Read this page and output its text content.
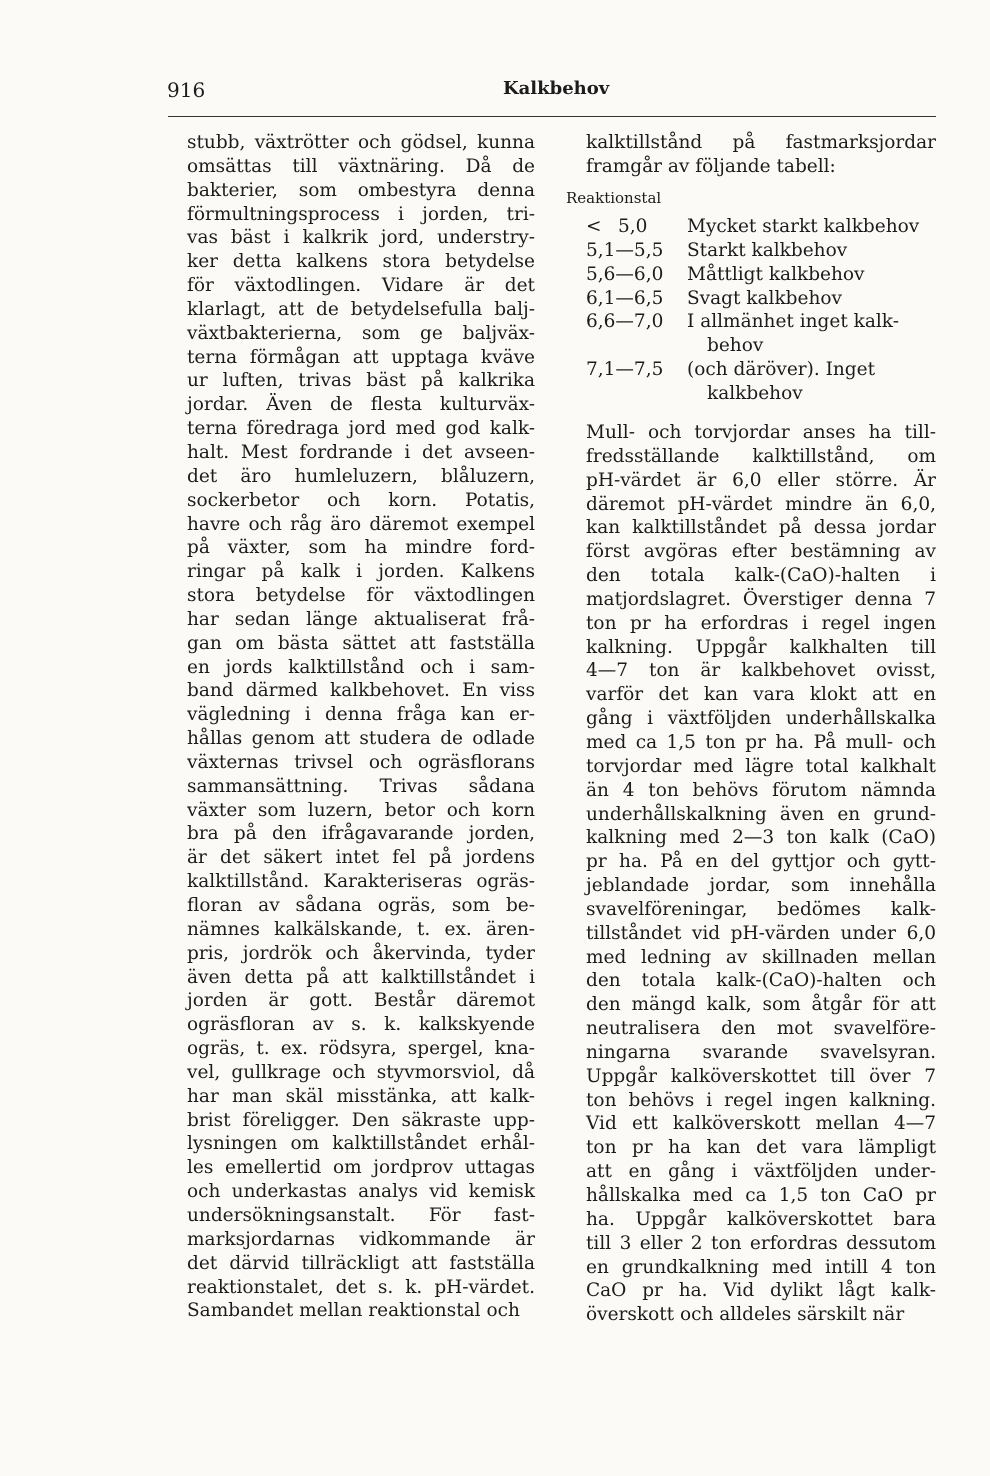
916	Kalkbehov
stubb, växtrötter och gödsel, kunna
omsättas till växtnäring. Då de
bakterier, som ombestyra denna
förmultningsprocess i jorden, tri-
vas bäst i kalkrik jord, understry-
ker detta kalkens stora betydelse
för växtodlingen. Vidare är det
klarlagt, att de betydelsefulla balj-
växtbakterierna, som ge baljväx-
terna förmågan att upptaga kväve
ur luften, trivas bäst på kalkrika
jordar. Även de flesta kulturväx-
terna föredraga jord med god kalk-
halt. Mest fordrande i det avseen-
det äro humleluzern, blåluzern,
sockerbetor och korn. Potatis,
havre och råg äro däremot exempel
på växter, som ha mindre ford-
ringar på kalk i jorden. Kalkens
stora betydelse för växtodlingen
har sedan länge aktualiserat frå-
gan om bästa sättet att fastställa
en jords kalktillstånd och i sam-
band därmed kalkbehovet. En viss
vägledning i denna fråga kan er-
hållas genom att studera de odlade
växternas trivsel och ogräsflorans
sammansättning. Trivas sådana
växter som luzern, betor och korn
bra på den ifrågavarande jorden,
är det säkert intet fel på jordens
kalktillstånd. Karakteriseras ogräs-
floran av sådana ogräs, som be-
nämnes kalkälskande, t. ex. ären-
pris, jordrök och åkervinda, tyder
även detta på att kalktillståndet i
jorden är gott. Består däremot
ogräsfloran av s. k. kalkskyende
ogräs, t. ex. rödsyra, spergel, kna-
vel, gullkrage och styvmorsviol, då
har man skäl misstänka, att kalk-
brist föreligger. Den säkraste upp-
lysningen om kalktillståndet erhål-
les emellertid om jordprov uttagas
och underkastas analys vid kemisk
undersökningsanstalt. För fast-
marksjordarnas vidkommande är
det därvid tillräckligt att fastställa
reaktionstalet, det s. k. pH-värdet.
Sambandet mellan reaktionstal och
kalktillstånd på fastmarksjordar
framgår av följande tabell:
Reaktionstal
< 5,0	Mycket starkt kalkbehov
5,1—5,5	Starkt kalkbehov
5,6—6,0	Måttligt kalkbehov
6,1—6,5	Svagt kalkbehov
6,6—7,0	I allmänhet inget kalk-
behov
7,1—7,5	(och däröver). Inget
kalkbehov
Mull- och torvjordar anses ha till-
fredsställande kalktillstånd, om
pH-värdet är 6,0 eller större. Är
däremot pH-värdet mindre än 6,0,
kan kalktillståndet på dessa jordar
först avgöras efter bestämning av
den totala kalk-(CaO)-halten i
matjordslagret. Överstiger denna 7
ton pr ha erfordras i regel ingen
kalkning. Uppgår kalkhalten till
4—7 ton är kalkbehovet ovisst,
varför det kan vara klokt att en
gång i växtföljden underhållskalka
med ca 1,5 ton pr ha. På mull- och
torvjordar med lägre total kalkhalt
än 4 ton behövs förutom nämnda
underhållskalkning även en grund-
kalkning med 2—3 ton kalk (CaO)
pr ha. På en del gyttjor och gytt-
jeblandade jordar, som innehålla
svavelföreningar, bedömes kalk-
tillståndet vid pH-värden under 6,0
med ledning av skillnaden mellan
den totala kalk-(CaO)-halten och
den mängd kalk, som åtgår för att
neutralisera den mot svavelföre-
ningarna svarande svavelsyran.
Uppgår kalköverskottet till över 7
ton behövs i regel ingen kalkning.
Vid ett kalköverskott mellan 4—7
ton pr ha kan det vara lämpligt
att en gång i växtföljden under-
hållskalka med ca 1,5 ton CaO pr
ha. Uppgår kalköverskottet bara
till 3 eller 2 ton erfordras dessutom
en grundkalkning med intill 4 ton
CaO pr ha. Vid dylikt lågt kalk-
överskott och alldeles särskilt när
